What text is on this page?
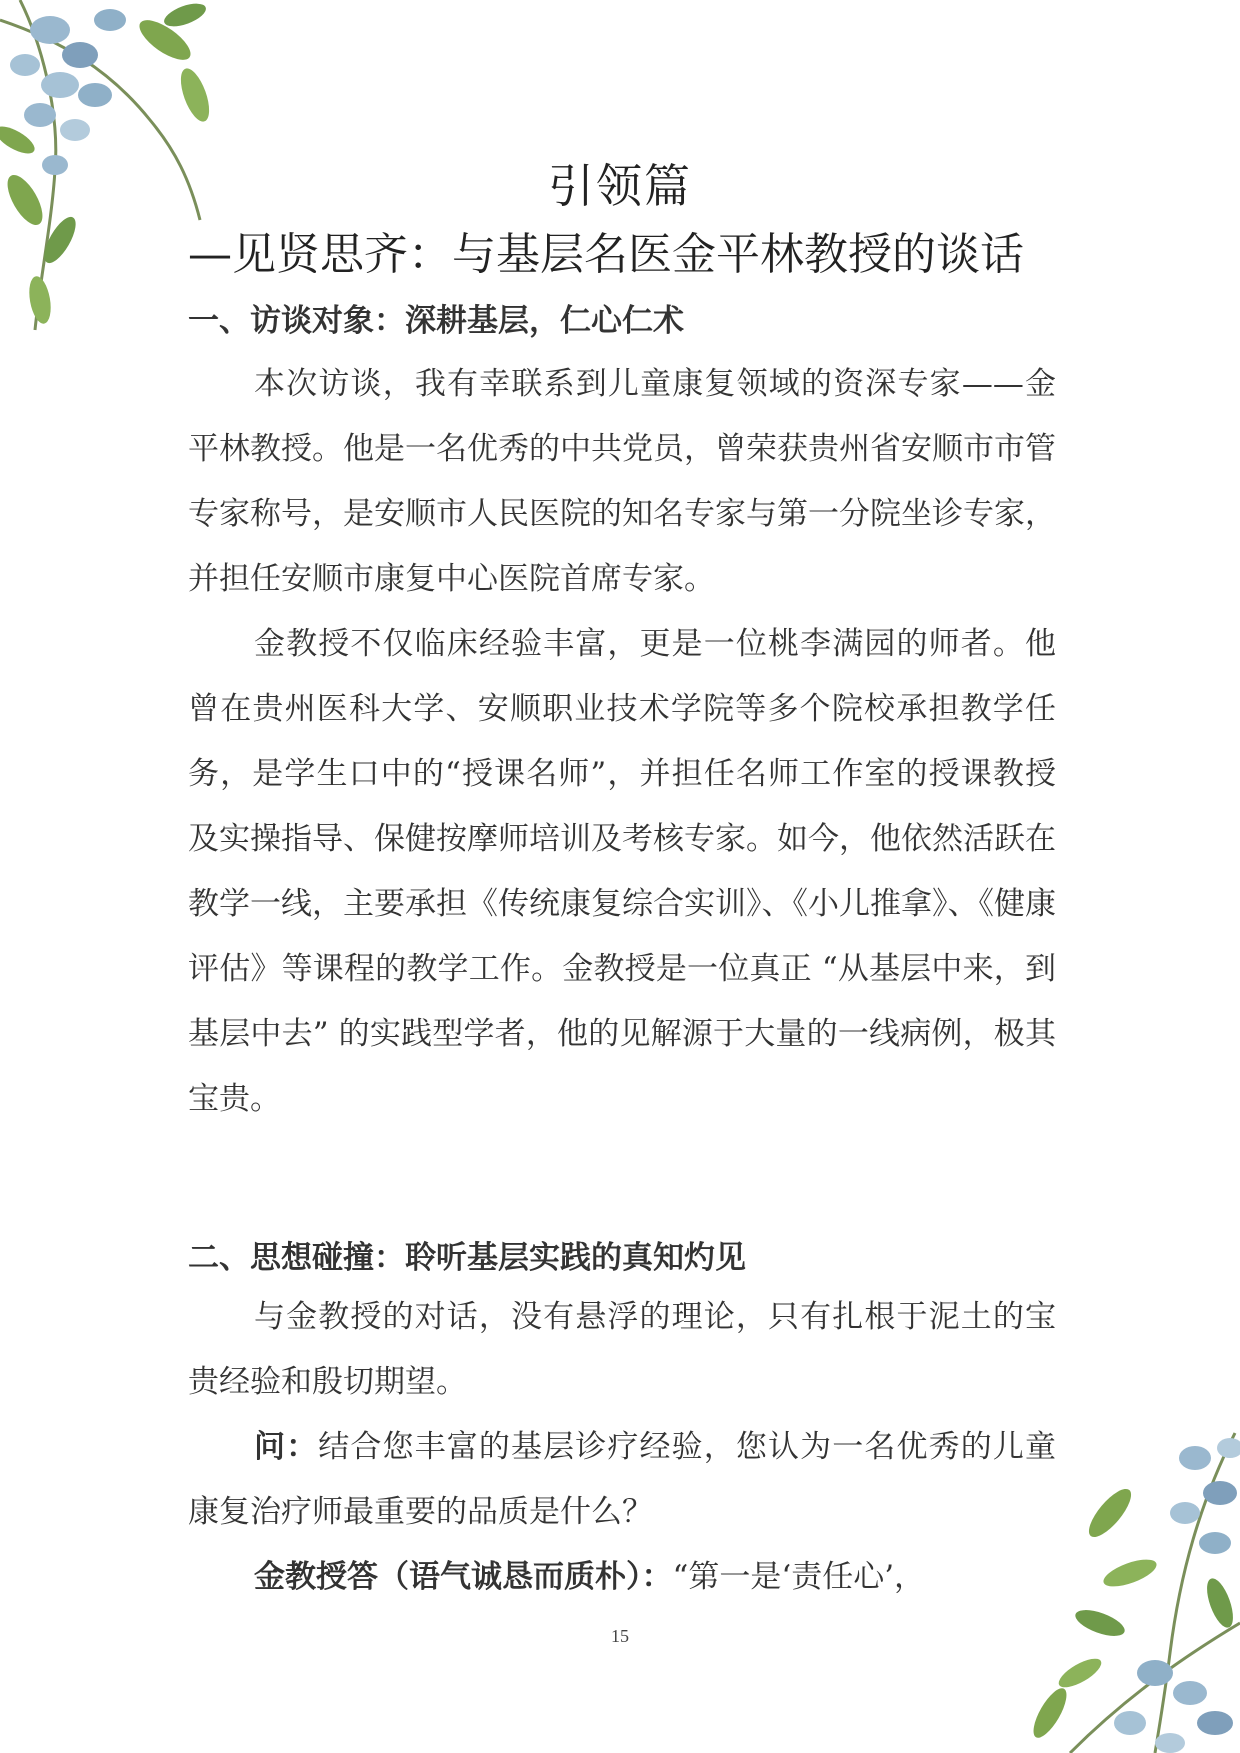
引领篇
—见贤思齐：与基层名医金平林教授的谈话

一、访谈对象：深耕基层，仁心仁术

本次访谈，我有幸联系到儿童康复领域的资深专家——金平林教授。他是一名优秀的中共党员，曾荣获贵州省安顺市市管专家称号，是安顺市人民医院的知名专家与第一分院坐诊专家，并担任安顺市康复中心医院首席专家。

金教授不仅临床经验丰富，更是一位桃李满园的师者。他曾在贵州医科大学、安顺职业技术学院等多个院校承担教学任务，是学生口中的“授课名师”，并担任名师工作室的授课教授及实操指导、保健按摩师培训及考核专家。如今，他依然活跃在教学一线，主要承担《传统康复综合实训》、《小儿推拿》、《健康评估》等课程的教学工作。金教授是一位真正 “从基层中来，到基层中去” 的实践型学者，他的见解源于大量的一线病例，极其宝贵。

二、思想碰撞：聆听基层实践的真知灼见

与金教授的对话，没有悬浮的理论，只有扎根于泥土的宝贵经验和殷切期望。

问：结合您丰富的基层诊疗经验，您认为一名优秀的儿童康复治疗师最重要的品质是什么？

金教授答（语气诚恳而质朴）：“第一是‘责任心’，

15
